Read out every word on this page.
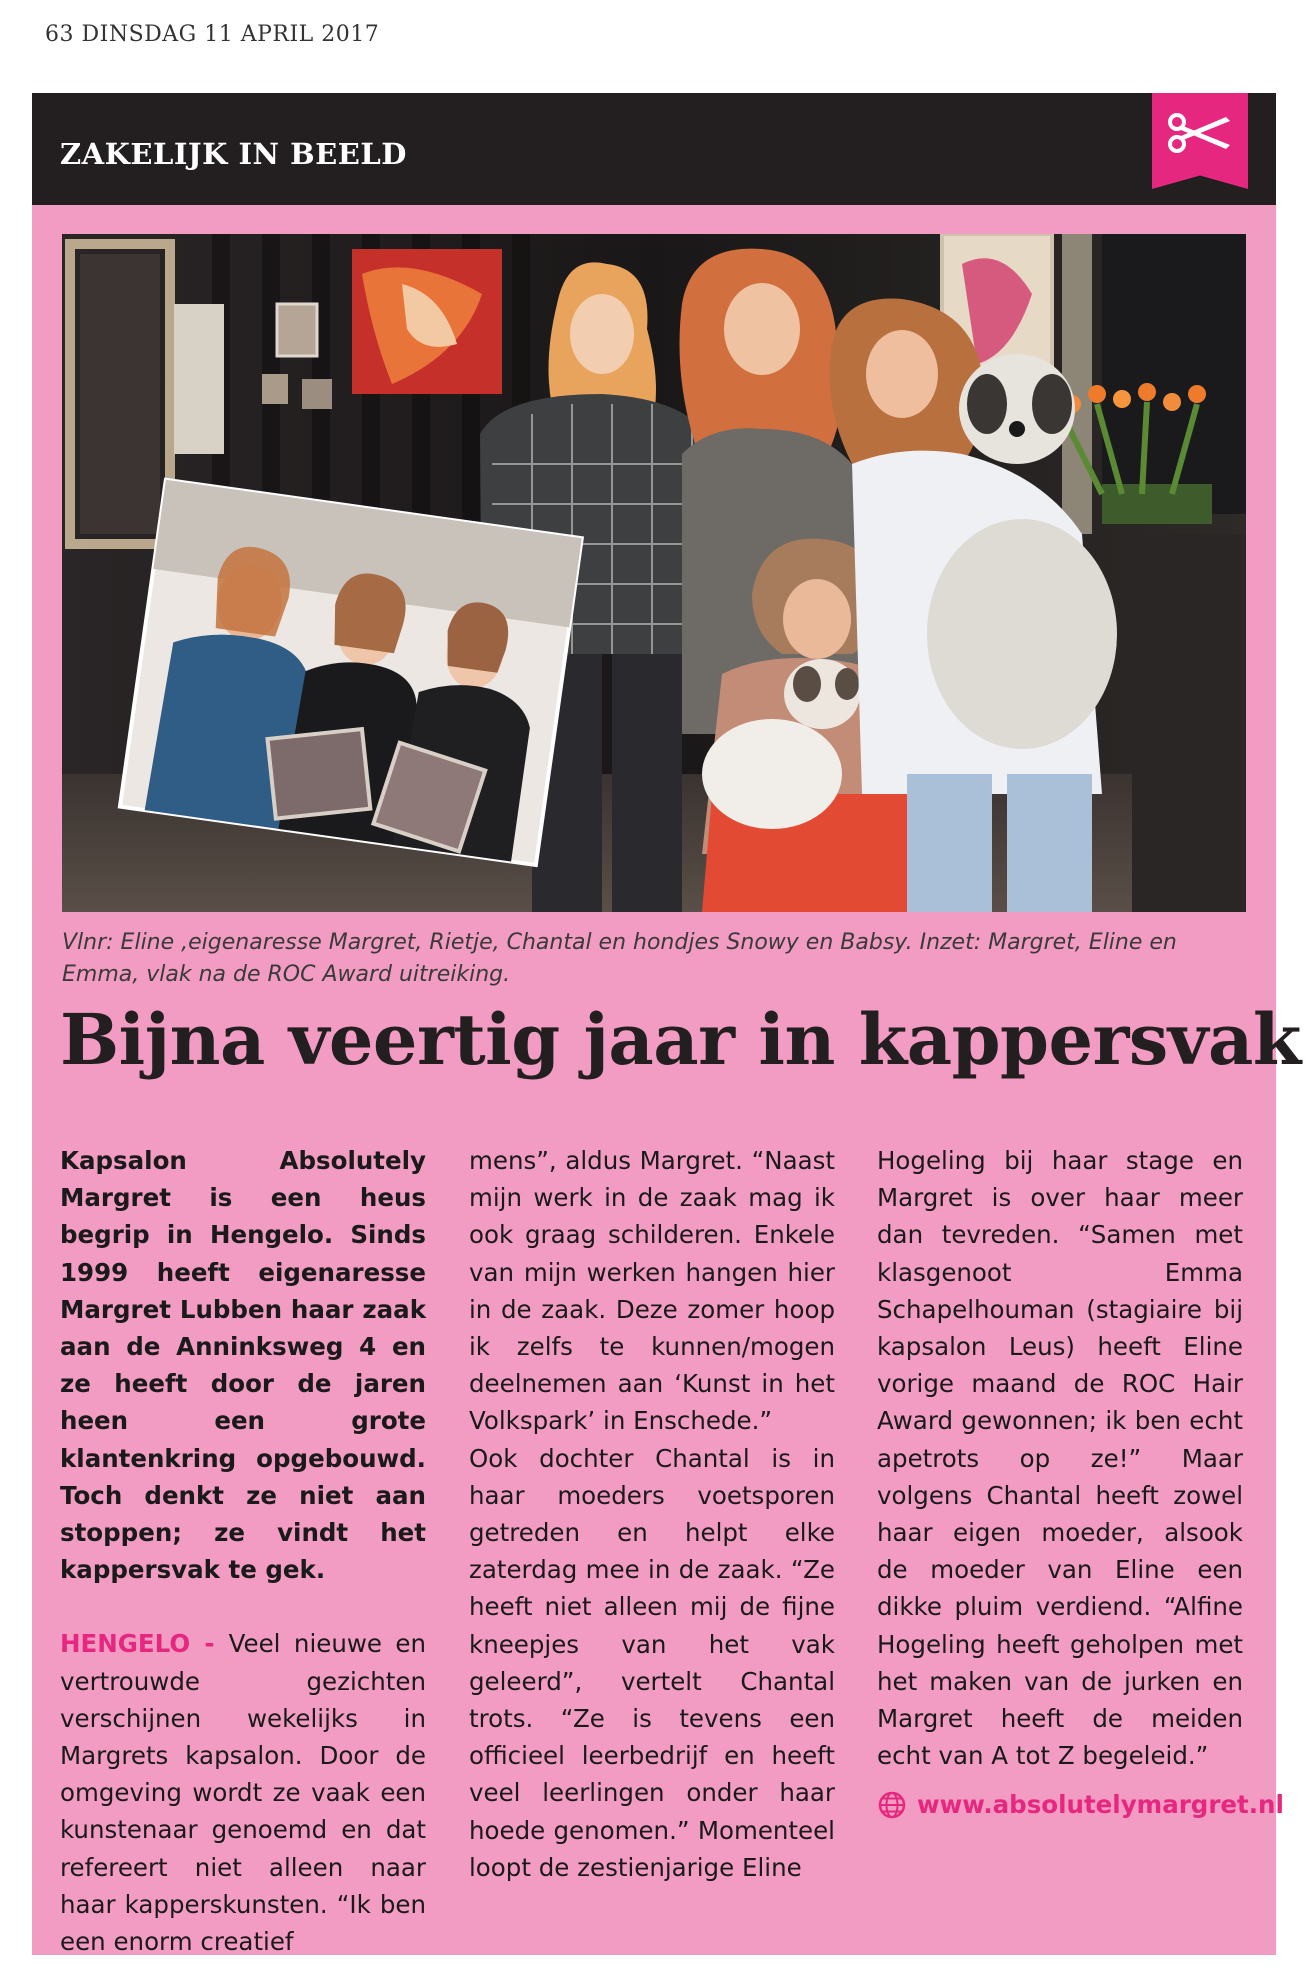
63 DINSDAG 11 APRIL 2017
ZAKELIJK IN BEELD
Vlnr: Eline ,eigenaresse Margret, Rietje, Chantal en hondjes Snowy en Babsy. Inzet: Margret, Eline en Emma, vlak na de ROC Award uitreiking.
Bijna veertig jaar in kappersvak

Kapsalon Absolutely Margret is een heus begrip in Hengelo. Sinds 1999 heeft eigenaresse Margret Lubben haar zaak aan de Anninksweg 4 en ze heeft door de jaren heen een grote klantenkring opgebouwd. Toch denkt ze niet aan stoppen; ze vindt het kappersvak te gek.

HENGELO - Veel nieuwe en vertrouwde gezichten verschijnen wekelijks in Margrets kapsalon. Door de omgeving wordt ze vaak een kunstenaar genoemd en dat refereert niet alleen naar haar kapperskunsten. “Ik ben een enorm creatief

mens”, aldus Margret. “Naast mijn werk in de zaak mag ik ook graag schilderen. Enkele van mijn werken hangen hier in de zaak. Deze zomer hoop ik zelfs te kunnen/mogen deelnemen aan ‘Kunst in het Volkspark’ in Enschede.”

Ook dochter Chantal is in haar moeders voetsporen getreden en helpt elke zaterdag mee in de zaak. “Ze heeft niet alleen mij de fijne kneepjes van het vak geleerd”, vertelt Chantal trots. “Ze is tevens een officieel leerbedrijf en heeft veel leerlingen onder haar hoede genomen.” Momenteel loopt de zestienjarige Eline

Hogeling bij haar stage en Margret is over haar meer dan tevreden. “Samen met klasgenoot Emma Schapelhouman (stagiaire bij kapsalon Leus) heeft Eline vorige maand de ROC Hair Award gewonnen; ik ben echt apetrots op ze!” Maar volgens Chantal heeft zowel haar eigen moeder, alsook de moeder van Eline een dikke pluim verdiend. “Alfine Hogeling heeft geholpen met het maken van de jurken en Margret heeft de meiden echt van A tot Z begeleid.”

www.absolutelymargret.nl
